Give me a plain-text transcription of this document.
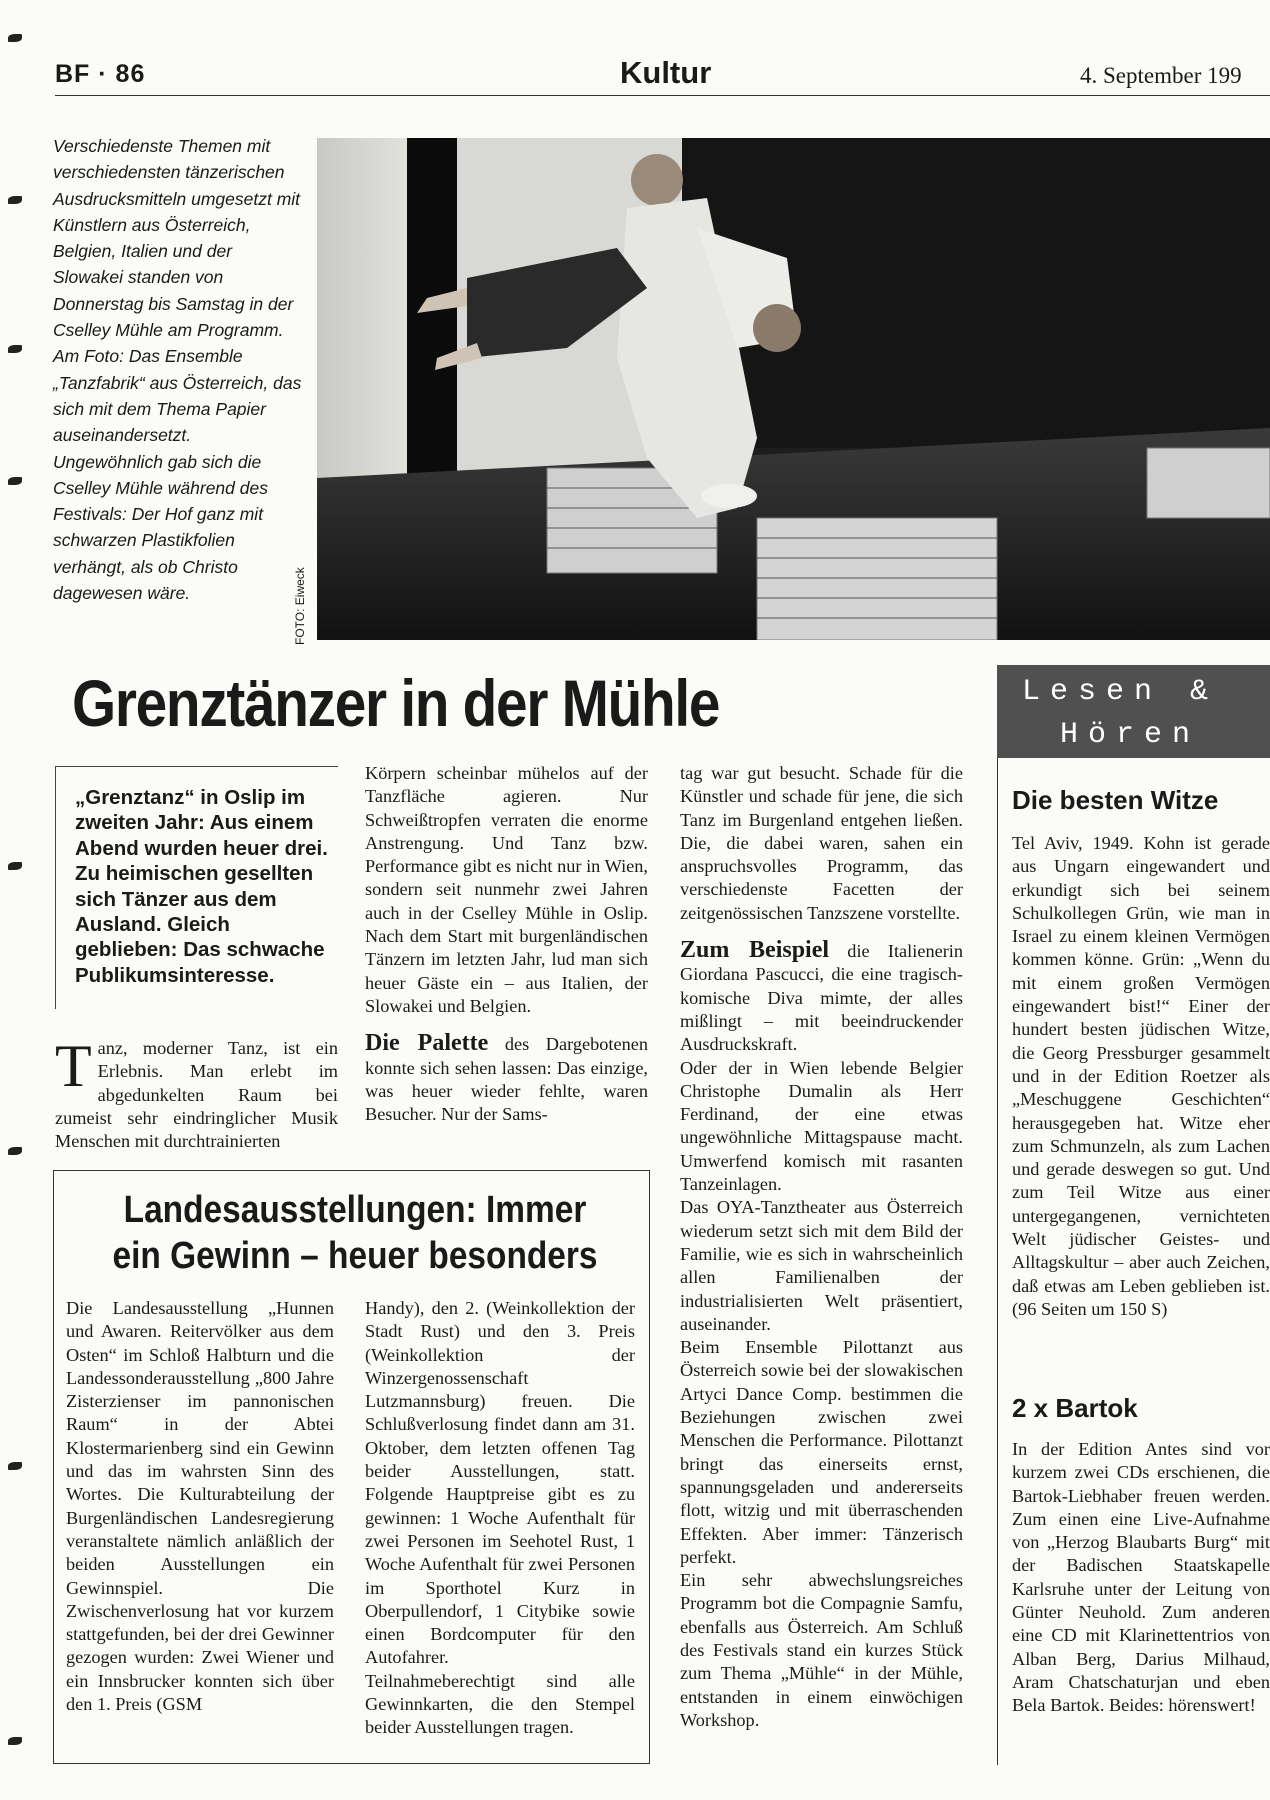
BF · 86	Kultur	4. September 199

Verschiedenste Themen mit verschiedensten tänzerischen Ausdrucksmitteln umgesetzt mit Künstlern aus Österreich, Belgien, Italien und der Slowakei standen von Donnerstag bis Samstag in der Cselley Mühle am Programm. Am Foto: Das Ensemble „Tanzfabrik“ aus Österreich, das sich mit dem Thema Papier auseinandersetzt. Ungewöhnlich gab sich die Cselley Mühle während des Festivals: Der Hof ganz mit schwarzen Plastikfolien verhängt, als ob Christo dagewesen wäre.	FOTO: Eiweck
Grenztänzer in der Mühle
„Grenztanz“ in Oslip im zweiten Jahr: Aus einem Abend wurden heuer drei. Zu heimischen gesellten sich Tänzer aus dem Ausland. Gleich geblieben: Das schwache Publikumsinteresse.
T anz, moderner Tanz, ist ein Erlebnis. Man erlebt im abgedunkelten Raum bei zumeist sehr eindringlicher Musik Menschen mit durchtrainierten

Körpern scheinbar mühelos auf der Tanzfläche agieren. Nur Schweißtropfen verraten die enorme Anstrengung. Und Tanz bzw. Performance gibt es nicht nur in Wien, sondern seit nunmehr zwei Jahren auch in der Cselley Mühle in Oslip. Nach dem Start mit burgenländischen Tänzern im letzten Jahr, lud man sich heuer Gäste ein – aus Italien, der Slowakei und Belgien.

Die Palette des Dargebotenen konnte sich sehen lassen: Das einzige, was heuer wieder fehlte, waren Besucher. Nur der Sams-

tag war gut besucht. Schade für die Künstler und schade für jene, die sich Tanz im Burgenland entgehen ließen. Die, die dabei waren, sahen ein anspruchsvolles Programm, das verschiedenste Facetten der zeitgenössischen Tanzszene vorstellte.

Zum Beispiel die Italienerin Giordana Pascucci, die eine tragisch-komische Diva mimte, der alles mißlingt – mit beeindruckender Ausdruckskraft.

Oder der in Wien lebende Belgier Christophe Dumalin als Herr Ferdinand, der eine etwas ungewöhnliche Mittagspause macht. Umwerfend komisch mit rasanten Tanzeinlagen.

Das OYA-Tanztheater aus Österreich wiederum setzt sich mit dem Bild der Familie, wie es sich in wahrscheinlich allen Familienalben der industrialisierten Welt präsentiert, auseinander.

Beim Ensemble Pilottanzt aus Österreich sowie bei der slowakischen Artyci Dance Comp. bestimmen die Beziehungen zwischen zwei Menschen die Performance. Pilottanzt bringt das einerseits ernst, spannungsgeladen und andererseits flott, witzig und mit überraschenden Effekten. Aber immer: Tänzerisch perfekt.

Ein sehr abwechslungsreiches Programm bot die Compagnie Samfu, ebenfalls aus Österreich. Am Schluß des Festivals stand ein kurzes Stück zum Thema „Mühle“ in der Mühle, entstanden in einem einwöchigen Workshop.

Landesausstellungen: Immer ein Gewinn – heuer besonders

Die Landesausstellung „Hunnen und Awaren. Reitervölker aus dem Osten“ im Schloß Halbturn und die Landessonderausstellung „800 Jahre Zisterzienser im pannonischen Raum“ in der Abtei Klostermarienberg sind ein Gewinn und das im wahrsten Sinn des Wortes. Die Kulturabteilung der Burgenländischen Landesregierung veranstaltete nämlich anläßlich der beiden Ausstellungen ein Gewinnspiel. Die Zwischenverlosung hat vor kurzem stattgefunden, bei der drei Gewinner gezogen wurden: Zwei Wiener und ein Innsbrucker konnten sich über den 1. Preis (GSM

Handy), den 2. (Weinkollektion der Stadt Rust) und den 3. Preis (Weinkollektion der Winzergenossenschaft Lutzmannsburg) freuen. Die Schlußverlosung findet dann am 31. Oktober, dem letzten offenen Tag beider Ausstellungen, statt. Folgende Hauptpreise gibt es zu gewinnen: 1 Woche Aufenthalt für zwei Personen im Seehotel Rust, 1 Woche Aufenthalt für zwei Personen im Sporthotel Kurz in Oberpullendorf, 1 Citybike sowie einen Bordcomputer für den Autofahrer.

Teilnahmeberechtigt sind alle Gewinnkarten, die den Stempel beider Ausstellungen tragen.

Lesen &
Hören
Die besten Witze

Tel Aviv, 1949. Kohn ist gerade aus Ungarn eingewandert und erkundigt sich bei seinem Schulkollegen Grün, wie man in Israel zu einem kleinen Vermögen kommen könne. Grün: „Wenn du mit einem großen Vermögen eingewandert bist!“ Einer der hundert besten jüdischen Witze, die Georg Pressburger gesammelt und in der Edition Roetzer als „Meschuggene Geschichten“ herausgegeben hat. Witze eher zum Schmunzeln, als zum Lachen und gerade deswegen so gut. Und zum Teil Witze aus einer untergegangenen, vernichteten Welt jüdischer Geistes- und Alltagskultur – aber auch Zeichen, daß etwas am Leben geblieben ist. (96 Seiten um 150 S)

2 x Bartok

In der Edition Antes sind vor kurzem zwei CDs erschienen, die Bartok-Liebhaber freuen werden. Zum einen eine Live-Aufnahme von „Herzog Blaubarts Burg“ mit der Badischen Staatskapelle Karlsruhe unter der Leitung von Günter Neuhold. Zum anderen eine CD mit Klarinettentrios von Alban Berg, Darius Milhaud, Aram Chatschaturjan und eben Bela Bartok. Beides: hörenswert!
